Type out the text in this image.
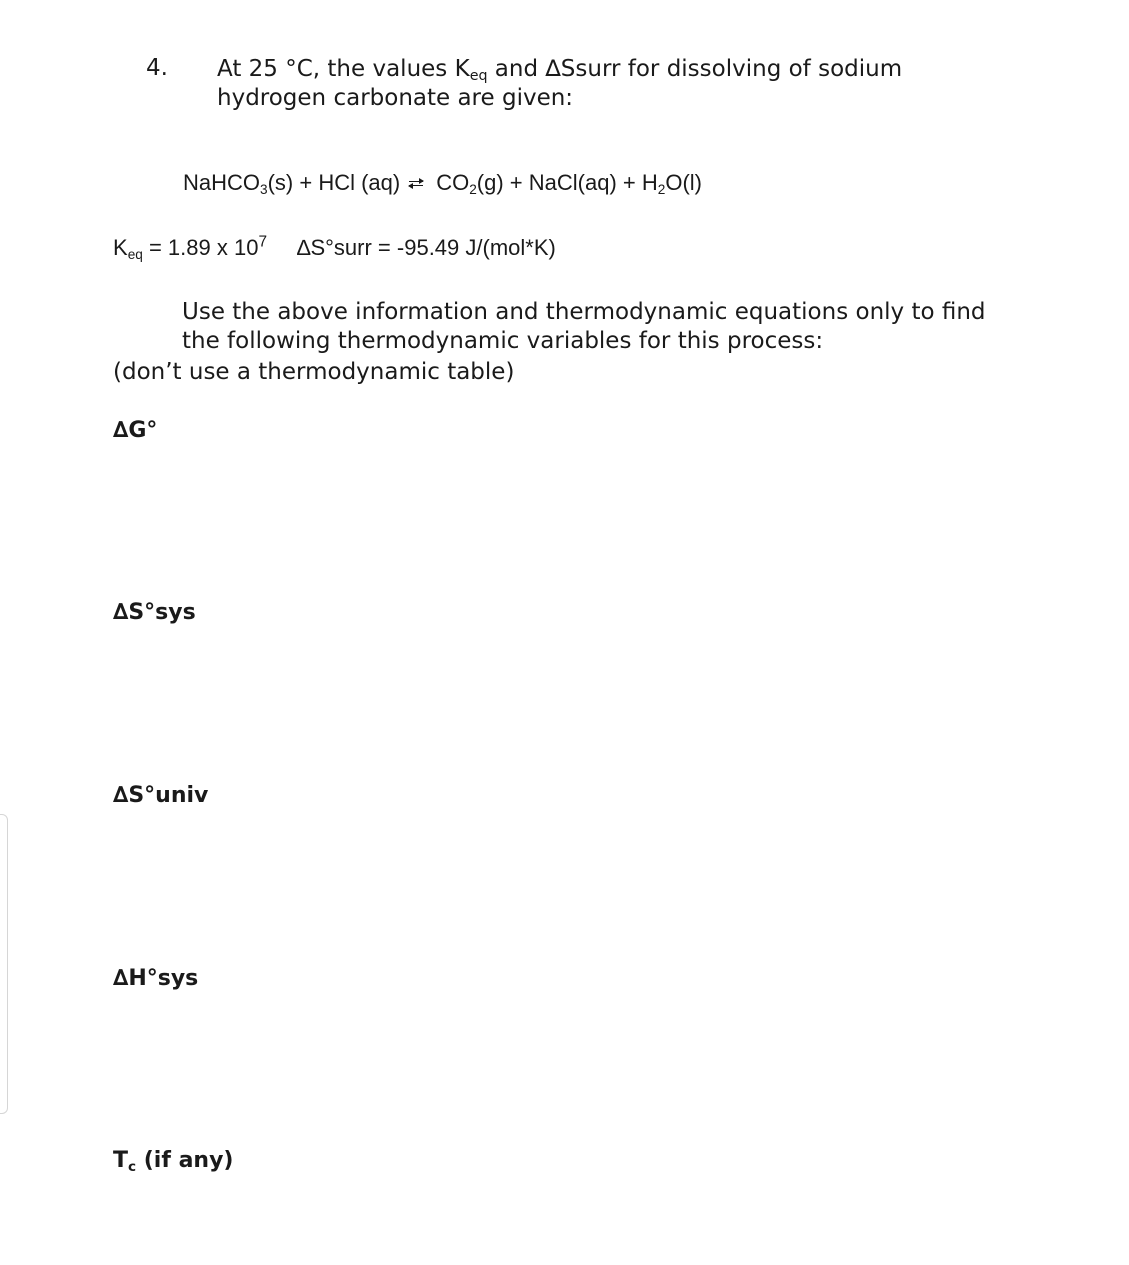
4. At 25 °C, the values $K_{eq}$ and ∆Ssurr for dissolving of sodium
hydrogen carbonate are given:
NaHCO$_3$(s) + HCl (aq) ⇌ $CO_2(g)$ + NaCl(aq) + $H_2O(l)$
$K_{eq} = 1.89$ x $10^7$ ∆S°surr = -95.49 J/(mol*K)
Use the above information and thermodynamic equations only to find
the following thermodynamic variables for this process:
(don’t use a thermodynamic table)
∆G°
∆S°sys
∆S°univ
∆H°sys
$T_c$ (if any)
